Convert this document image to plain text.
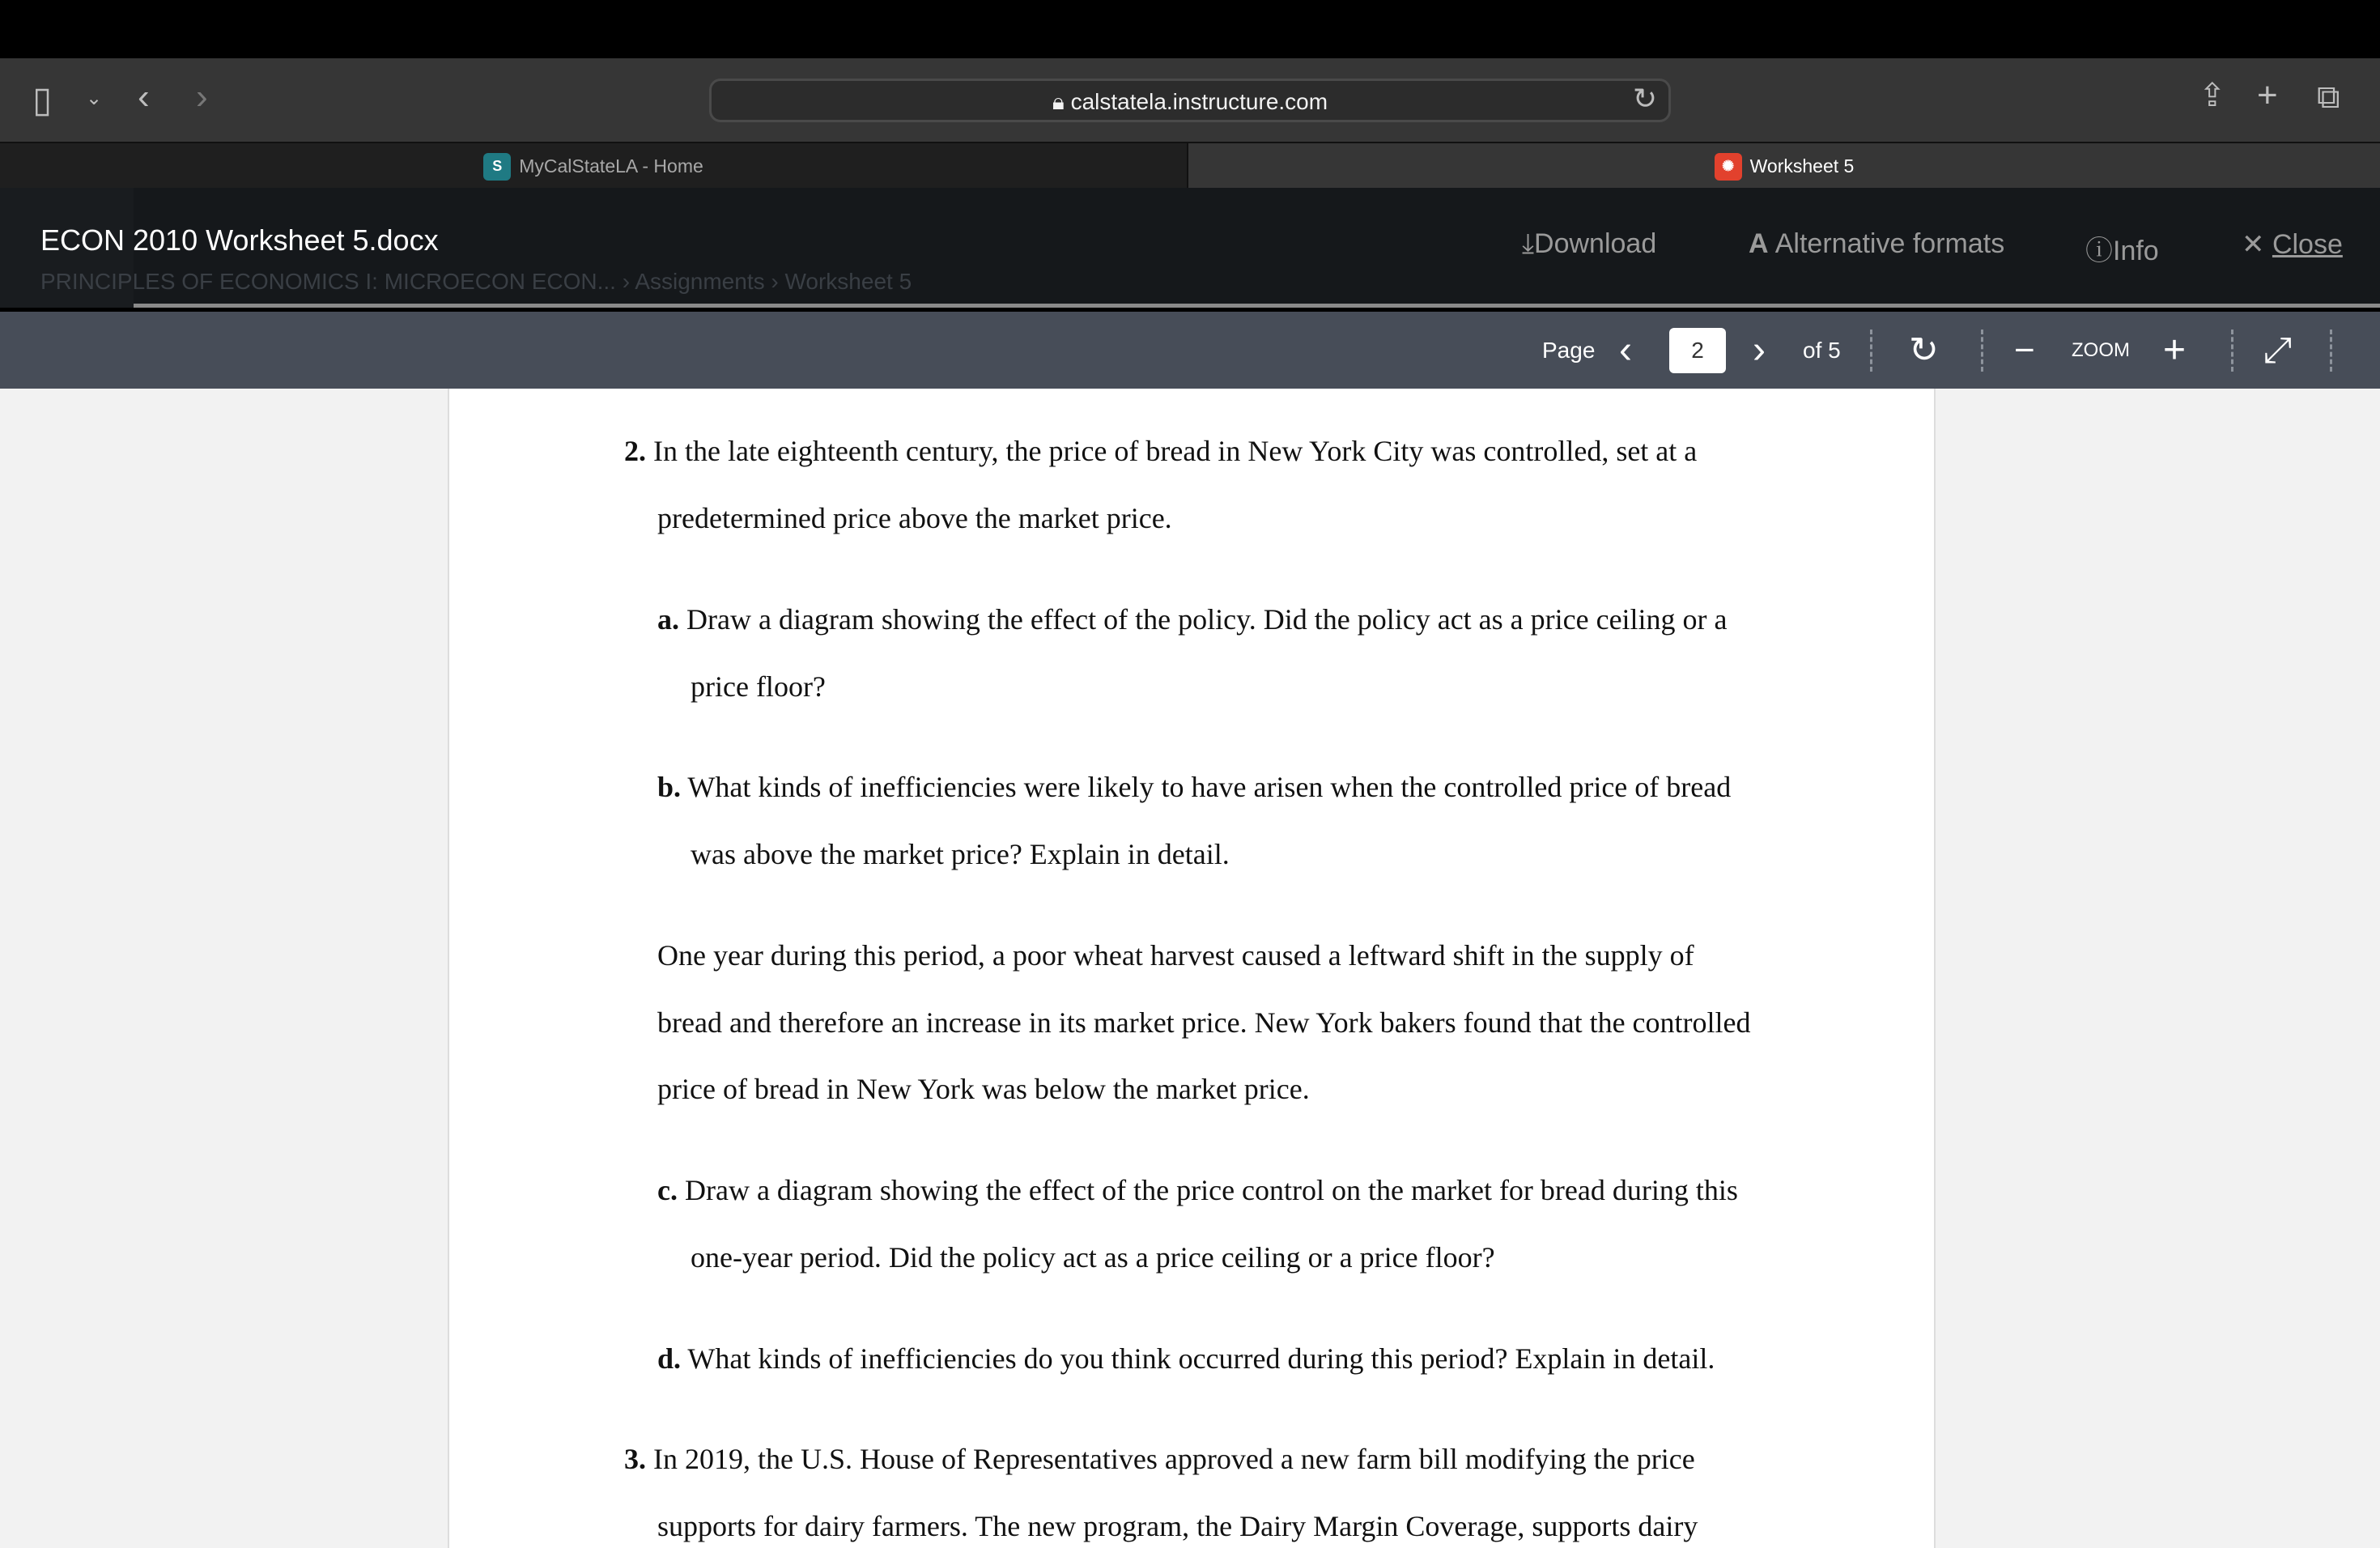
▯ ⌄ ‹ ›	🔒︎ calstatela.instructure.com	↻	⇪ + ⧉
S MyCalStateLA - Home	✺ Worksheet 5
ECON 2010 Worksheet 5.docx
PRINCIPLES OF ECONOMICS I: MICROECON ECON... › Assignments › Worksheet 5
⤓Download	A Alternative formats	ⓘInfo	✕ Close
Page ‹
2	› of 5 ↻ − ZOOM + ⤢
2. In the late eighteenth century, the price of bread in New York City was controlled, set at a
predetermined price above the market price.
a. Draw a diagram showing the effect of the policy. Did the policy act as a price ceiling or a
price floor?
b. What kinds of inefficiencies were likely to have arisen when the controlled price of bread
was above the market price? Explain in detail.
One year during this period, a poor wheat harvest caused a leftward shift in the supply of
bread and therefore an increase in its market price. New York bakers found that the controlled
price of bread in New York was below the market price.
c. Draw a diagram showing the effect of the price control on the market for bread during this
one-year period. Did the policy act as a price ceiling or a price floor?
d. What kinds of inefficiencies do you think occurred during this period? Explain in detail.
3. In 2019, the U.S. House of Representatives approved a new farm bill modifying the price
supports for dairy farmers. The new program, the Dairy Margin Coverage, supports dairy
